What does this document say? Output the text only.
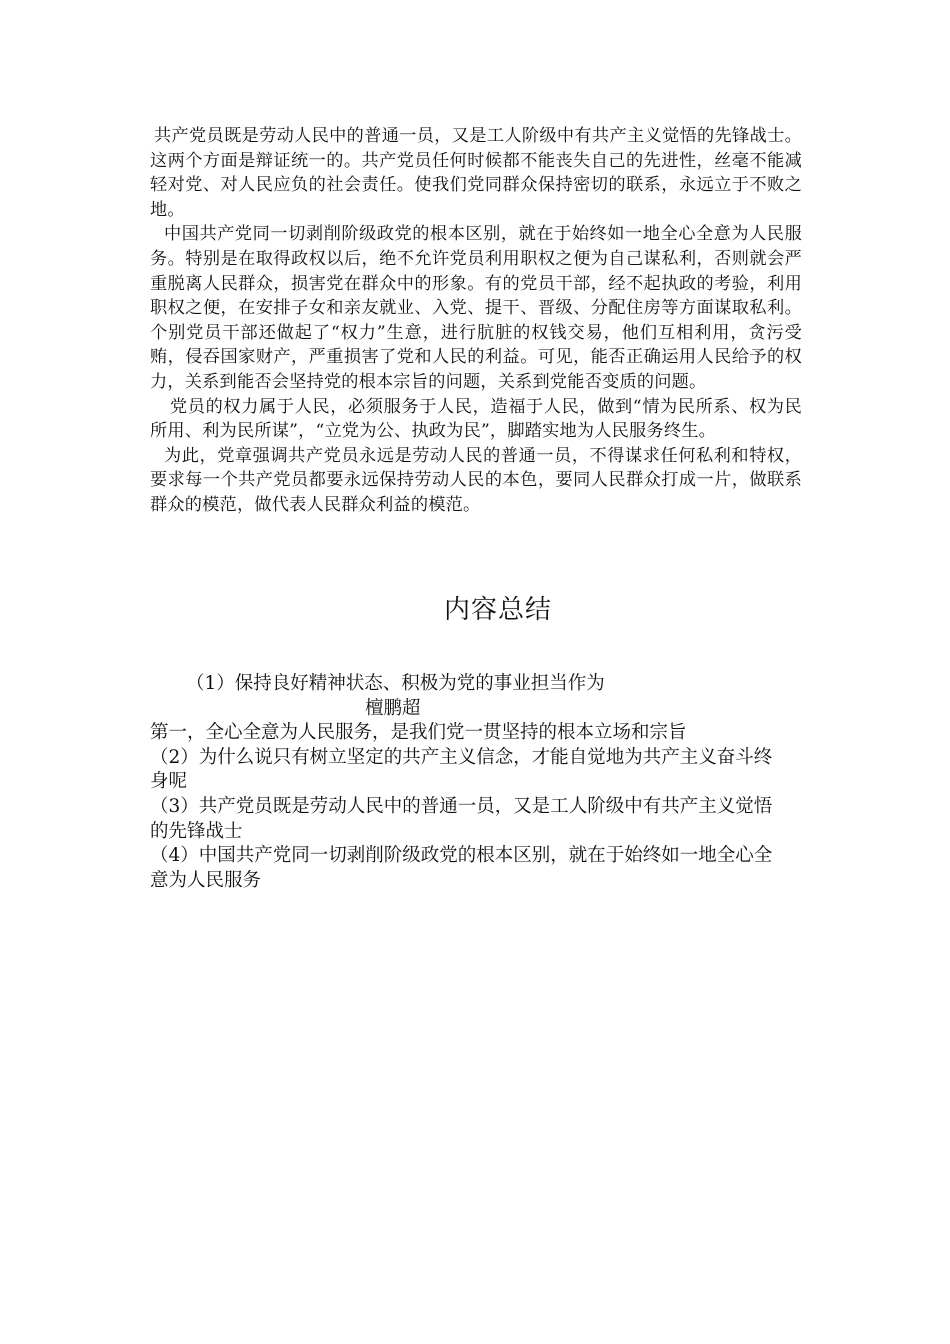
共产党员既是劳动人民中的普通一员，又是工人阶级中有共产主义觉悟的先锋战士。这两个方面是辩证统一的。共产党员任何时候都不能丧失自己的先进性，丝毫不能减轻对党、对人民应负的社会责任。使我们党同群众保持密切的联系，永远立于不败之地。

中国共产党同一切剥削阶级政党的根本区别，就在于始终如一地全心全意为人民服务。特别是在取得政权以后，绝不允许党员利用职权之便为自己谋私利，否则就会严重脱离人民群众，损害党在群众中的形象。有的党员干部，经不起执政的考验，利用职权之便，在安排子女和亲友就业、入党、提干、晋级、分配住房等方面谋取私利。个别党员干部还做起了“权力”生意，进行肮脏的权钱交易，他们互相利用，贪污受贿，侵吞国家财产，严重损害了党和人民的利益。可见，能否正确运用人民给予的权力，关系到能否会坚持党的根本宗旨的问题，关系到党能否变质的问题。

党员的权力属于人民，必须服务于人民，造福于人民，做到“情为民所系、权为民所用、利为民所谋”，“立党为公、执政为民”，脚踏实地为人民服务终生。

为此，党章强调共产党员永远是劳动人民的普通一员，不得谋求任何私利和特权，要求每一个共产党员都要永远保持劳动人民的本色，要同人民群众打成一片，做联系群众的模范，做代表人民群众利益的模范。

内容总结

（1）保持良好精神状态、积极为党的事业担当作为

檀鹏超

第一，全心全意为人民服务，是我们党一贯坚持的根本立场和宗旨

（2）为什么说只有树立坚定的共产主义信念，才能自觉地为共产主义奋斗终身呢

（3）共产党员既是劳动人民中的普通一员，又是工人阶级中有共产主义觉悟的先锋战士

（4）中国共产党同一切剥削阶级政党的根本区别，就在于始终如一地全心全意为人民服务
